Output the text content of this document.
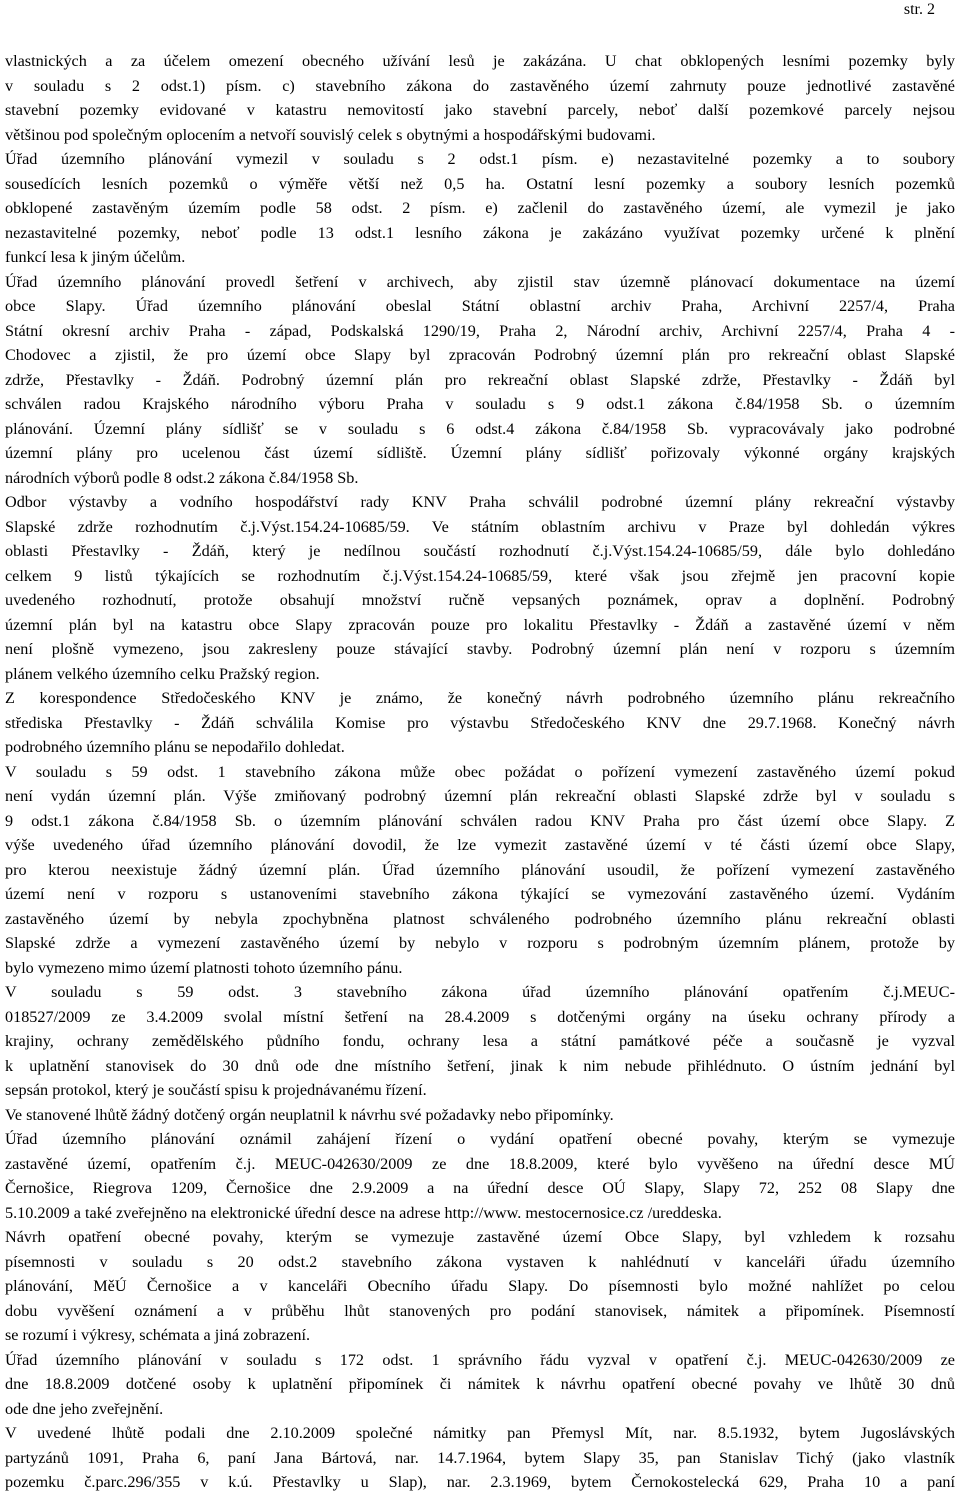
str. 2
vlastnických a za účelem omezení obecného užívání lesů je zakázána. U chat obklopených lesními pozemky byly
v souladu s 2 odst.1) písm. c) stavebního zákona do zastavěného území zahrnuty pouze jednotlivé zastavěné
stavební pozemky evidované v katastru nemovitostí jako stavební parcely, neboť další pozemkové parcely nejsou
většinou pod společným oplocením a netvoří souvislý celek s obytnými a hospodářskými budovami.
Úřad územního plánování vymezil v souladu s 2 odst.1 písm. e) nezastavitelné pozemky a to soubory
sousedících lesních pozemků o výměře větší než 0,5 ha. Ostatní lesní pozemky a soubory lesních pozemků
obklopené zastavěným územím podle 58 odst. 2 písm. e) začlenil do zastavěného území, ale vymezil je jako
nezastavitelné pozemky, neboť podle 13 odst.1 lesního zákona je zakázáno využívat pozemky určené k plnění
funkcí lesa k jiným účelům.
Úřad územního plánování provedl šetření v archivech, aby zjistil stav územně plánovací dokumentace na území
obce Slapy. Úřad územního plánování obeslal Státní oblastní archiv Praha, Archivní 2257/4, Praha
Státní okresní archiv Praha - západ, Podskalská 1290/19, Praha 2, Národní archiv, Archivní 2257/4, Praha 4 -
Chodovec a zjistil, že pro území obce Slapy byl zpracován Podrobný územní plán pro rekreační oblast Slapské
zdrže, Přestavlky - Ždáň. Podrobný územní plán pro rekreační oblast Slapské zdrže, Přestavlky - Ždáň byl
schválen radou Krajského národního výboru Praha v souladu s 9 odst.1 zákona č.84/1958 Sb. o územním
plánování. Územní plány sídlišť se v souladu s 6 odst.4 zákona č.84/1958 Sb. vypracovávaly jako podrobné
územní plány pro ucelenou část území sídliště. Územní plány sídlišť pořizovaly výkonné orgány krajských
národních výborů podle 8 odst.2 zákona č.84/1958 Sb.
Odbor výstavby a vodního hospodářství rady KNV Praha schválil podrobné územní plány rekreační výstavby
Slapské zdrže rozhodnutím č.j.Výst.154.24-10685/59. Ve státním oblastním archivu v Praze byl dohledán výkres
oblasti Přestavlky - Ždáň, který je nedílnou součástí rozhodnutí č.j.Výst.154.24-10685/59, dále bylo dohledáno
celkem 9 listů týkajících se rozhodnutím č.j.Výst.154.24-10685/59, které však jsou zřejmě jen pracovní kopie
uvedeného rozhodnutí, protože obsahují množství ručně vepsaných poznámek, oprav a doplnění. Podrobný
územní plán byl na katastru obce Slapy zpracován pouze pro lokalitu Přestavlky - Ždáň a zastavěné území v něm
není plošně vymezeno, jsou zakresleny pouze stávající stavby. Podrobný územní plán není v rozporu s územním
plánem velkého územního celku Pražský region.
Z korespondence Středočeského KNV je známo, že konečný návrh podrobného územního plánu rekreačního
střediska Přestavlky - Ždáň schválila Komise pro výstavbu Středočeského KNV dne 29.7.1968. Konečný návrh
podrobného územního plánu se nepodařilo dohledat.
V souladu s 59 odst. 1 stavebního zákona může obec požádat o pořízení vymezení zastavěného území pokud
není vydán územní plán. Výše zmiňovaný podrobný územní plán rekreační oblasti Slapské zdrže byl v souladu s
9 odst.1 zákona č.84/1958 Sb. o územním plánování schválen radou KNV Praha pro část území obce Slapy. Z
výše uvedeného úřad územního plánování dovodil, že lze vymezit zastavěné území v té části území obce Slapy,
pro kterou neexistuje žádný územní plán. Úřad územního plánování usoudil, že pořízení vymezení zastavěného
území není v rozporu s ustanoveními stavebního zákona týkající se vymezování zastavěného území. Vydáním
zastavěného území by nebyla zpochybněna platnost schváleného podrobného územního plánu rekreační oblasti
Slapské zdrže a vymezení zastavěného území by nebylo v rozporu s podrobným územním plánem, protože by
bylo vymezeno mimo území platnosti tohoto územního pánu.
V souladu s 59 odst. 3 stavebního zákona úřad územního plánování opatřením č.j.MEUC-
018527/2009 ze 3.4.2009 svolal místní šetření na 28.4.2009 s dotčenými orgány na úseku ochrany přírody a
krajiny, ochrany zemědělského půdního fondu, ochrany lesa a státní památkové péče a současně je vyzval
k uplatnění stanovisek do 30 dnů ode dne místního šetření, jinak k nim nebude přihlédnuto. O ústním jednání byl
sepsán protokol, který je součástí spisu k projednávanému řízení.
Ve stanovené lhůtě žádný dotčený orgán neuplatnil k návrhu své požadavky nebo připomínky.
Úřad územního plánování oznámil zahájení řízení o vydání opatření obecné povahy, kterým se vymezuje
zastavěné území, opatřením č.j. MEUC-042630/2009 ze dne 18.8.2009, které bylo vyvěšeno na úřední desce MÚ
Černošice, Riegrova 1209, Černošice dne 2.9.2009 a na úřední desce OÚ Slapy, Slapy 72, 252 08 Slapy dne
5.10.2009 a také zveřejněno na elektronické úřední desce na adrese http://www. mestocernosice.cz /ureddeska.
Návrh opatření obecné povahy, kterým se vymezuje zastavěné území Obce Slapy, byl vzhledem k rozsahu
písemnosti v souladu s 20 odst.2 stavebního zákona vystaven k nahlédnutí v kanceláři úřadu územního
plánování, MěÚ Černošice a v kanceláři Obecního úřadu Slapy. Do písemnosti bylo možné nahlížet po celou
dobu vyvěšení oznámení a v průběhu lhůt stanovených pro podání stanovisek, námitek a připomínek. Písemností
se rozumí i výkresy, schémata a jiná zobrazení.
Úřad územního plánování v souladu s 172 odst. 1 správního řádu vyzval v opatření č.j. MEUC-042630/2009 ze
dne 18.8.2009 dotčené osoby k uplatnění připomínek či námitek k návrhu opatření obecné povahy ve lhůtě 30 dnů
ode dne jeho zveřejnění.
V uvedené lhůtě podali dne 2.10.2009 společné námitky pan Přemysl Mít, nar. 8.5.1932, bytem Jugoslávských
partyzánů 1091, Praha 6, paní Jana Bártová, nar. 14.7.1964, bytem Slapy 35, pan Stanislav Tichý (jako vlastník
pozemku č.parc.296/355 v k.ú. Přestavlky u Slap), nar. 2.3.1969, bytem Černokostelecká 629, Praha 10 a paní
